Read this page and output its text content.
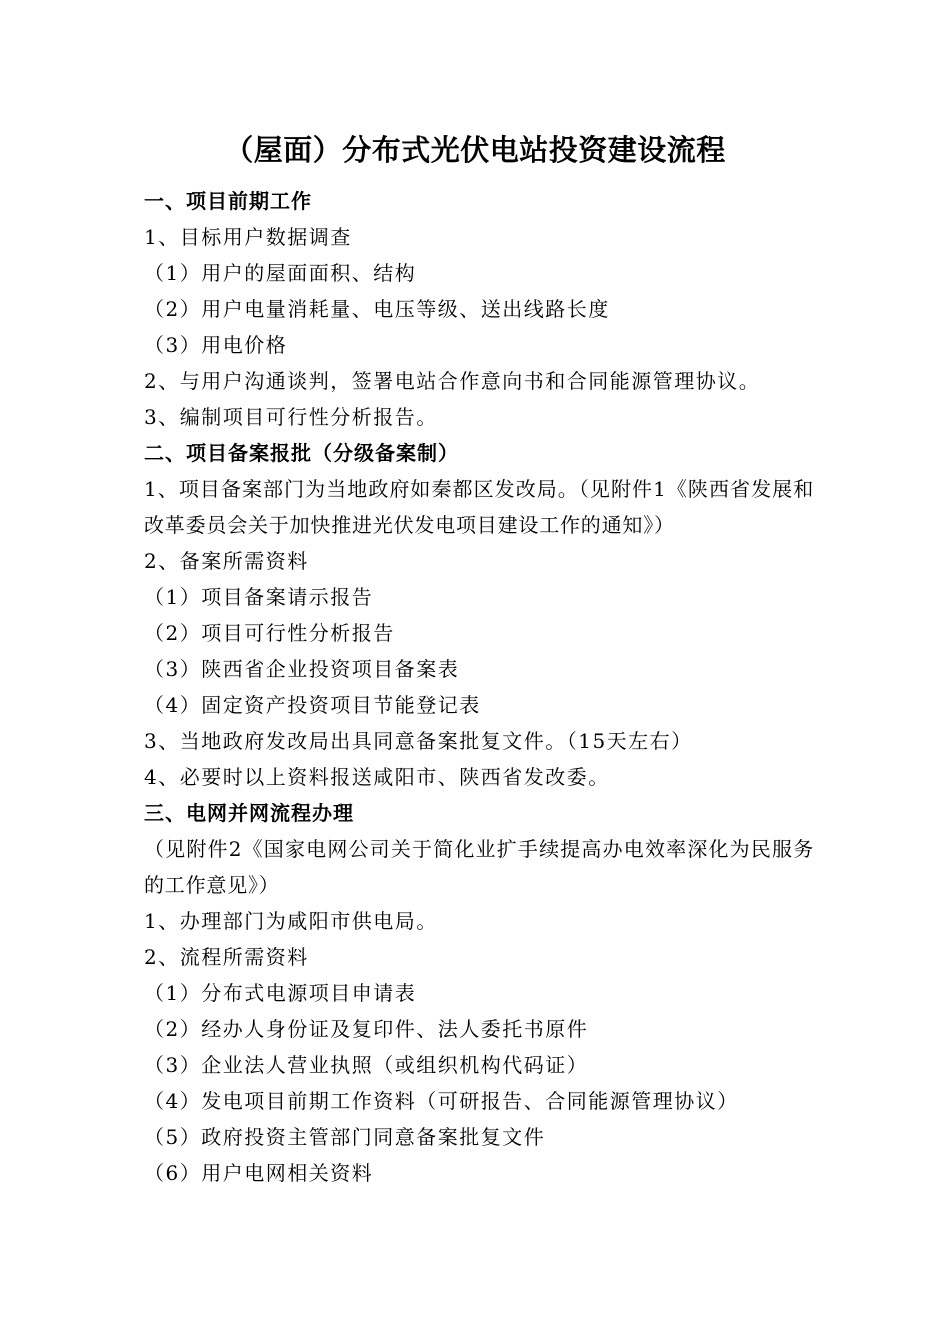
（屋面）分布式光伏电站投资建设流程
一、项目前期工作
1、目标用户数据调查
（1）用户的屋面面积、结构
（2）用户电量消耗量、电压等级、送出线路长度
（3）用电价格
2、与用户沟通谈判，签署电站合作意向书和合同能源管理协议。
3、编制项目可行性分析报告。
二、项目备案报批（分级备案制）
1、项目备案部门为当地政府如秦都区发改局。（见附件1《陕西省发展和改革委员会关于加快推进光伏发电项目建设工作的通知》）
2、备案所需资料
（1）项目备案请示报告
（2）项目可行性分析报告
（3）陕西省企业投资项目备案表
（4）固定资产投资项目节能登记表
3、当地政府发改局出具同意备案批复文件。（15天左右）
4、必要时以上资料报送咸阳市、陕西省发改委。
三、电网并网流程办理
（见附件2《国家电网公司关于简化业扩手续提高办电效率深化为民服务的工作意见》）
1、办理部门为咸阳市供电局。
2、流程所需资料
（1）分布式电源项目申请表
（2）经办人身份证及复印件、法人委托书原件
（3）企业法人营业执照（或组织机构代码证）
（4）发电项目前期工作资料（可研报告、合同能源管理协议）
（5）政府投资主管部门同意备案批复文件
（6）用户电网相关资料
